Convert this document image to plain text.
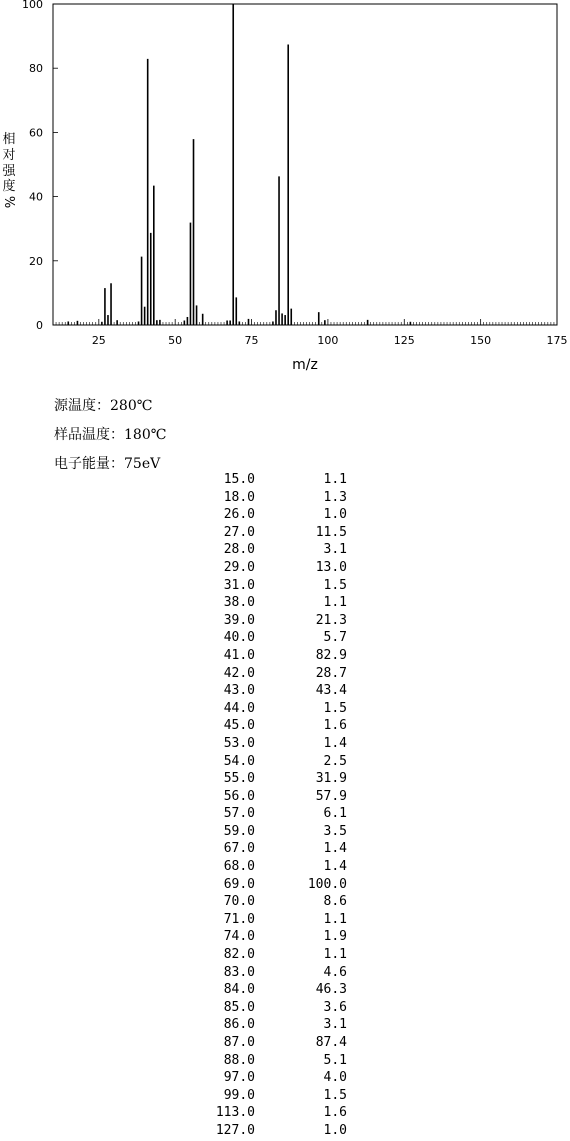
25	50	75	100	125	150	175
0
20
40
60
80
100
m/z
相
对
强
度
%
源温度：280℃
样品温度：180℃
电子能量：75eV
15.0	1.1
18.0	1.3
26.0	1.0
27.0	11.5
28.0	3.1
29.0	13.0
31.0	1.5
38.0	1.1
39.0	21.3
40.0	5.7
41.0	82.9
42.0	28.7
43.0	43.4
44.0	1.5
45.0	1.6
53.0	1.4
54.0	2.5
55.0	31.9
56.0	57.9
57.0	6.1
59.0	3.5
67.0	1.4
68.0	1.4
69.0	100.0
70.0	8.6
71.0	1.1
74.0	1.9
82.0	1.1
83.0	4.6
84.0	46.3
85.0	3.6
86.0	3.1
87.0	87.4
88.0	5.1
97.0	4.0
99.0	1.5
113.0	1.6
127.0	1.0
